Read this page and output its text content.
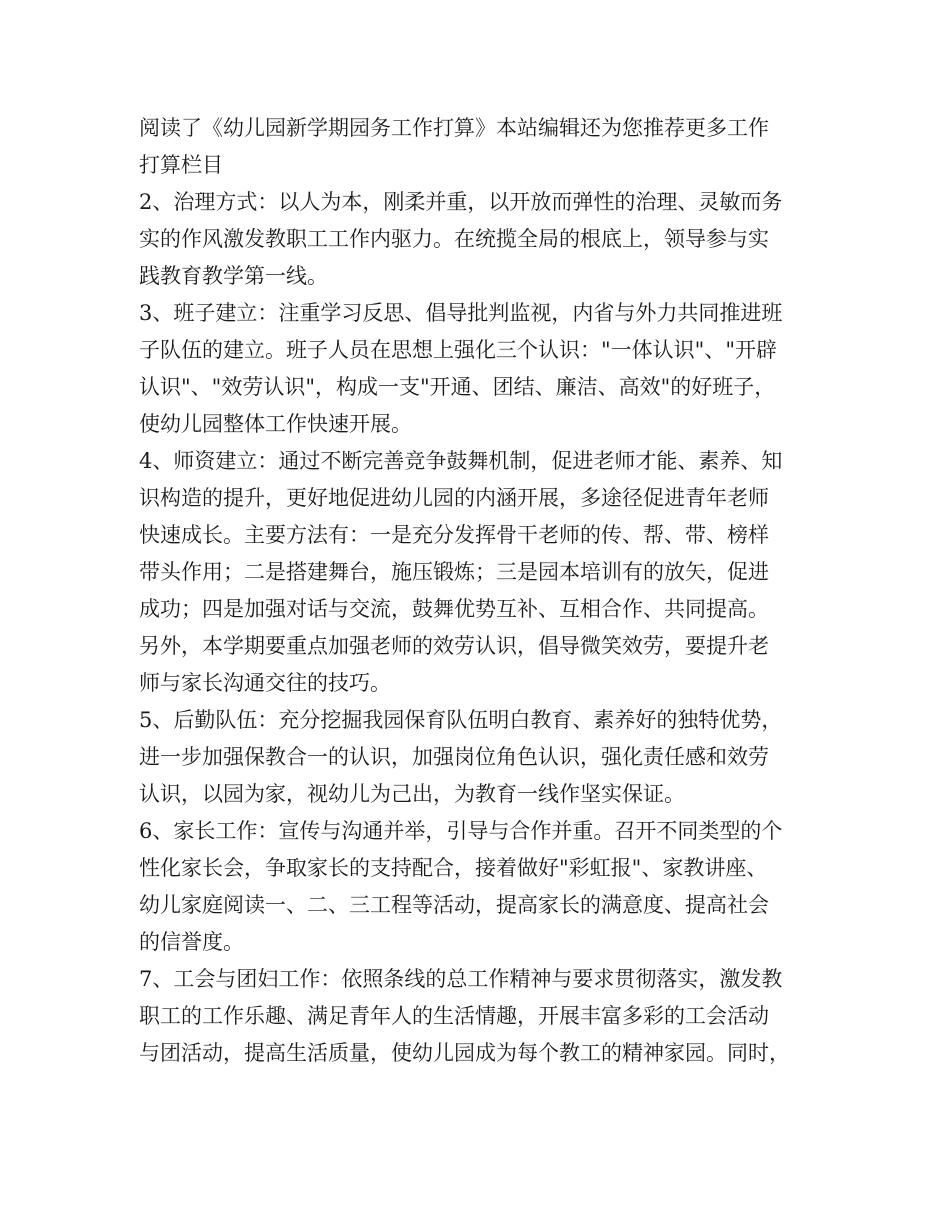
阅读了《幼儿园新学期园务工作打算》本站编辑还为您推荐更多工作
打算栏目
2、治理方式：以人为本，刚柔并重，以开放而弹性的治理、灵敏而务
实的作风激发教职工工作内驱力。在统揽全局的根底上，领导参与实
践教育教学第一线。
3、班子建立：注重学习反思、倡导批判监视，内省与外力共同推进班
子队伍的建立。班子人员在思想上强化三个认识："一体认识"、"开辟
认识"、"效劳认识"，构成一支"开通、团结、廉洁、高效"的好班子，
使幼儿园整体工作快速开展。
4、师资建立：通过不断完善竞争鼓舞机制，促进老师才能、素养、知
识构造的提升，更好地促进幼儿园的内涵开展，多途径促进青年老师
快速成长。主要方法有：一是充分发挥骨干老师的传、帮、带、榜样
带头作用；二是搭建舞台，施压锻炼；三是园本培训有的放矢，促进
成功；四是加强对话与交流，鼓舞优势互补、互相合作、共同提高。
另外，本学期要重点加强老师的效劳认识，倡导微笑效劳，要提升老
师与家长沟通交往的技巧。
5、后勤队伍：充分挖掘我园保育队伍明白教育、素养好的独特优势，
进一步加强保教合一的认识，加强岗位角色认识，强化责任感和效劳
认识，以园为家，视幼儿为己出，为教育一线作坚实保证。
6、家长工作：宣传与沟通并举，引导与合作并重。召开不同类型的个
性化家长会，争取家长的支持配合，接着做好"彩虹报"、家教讲座、
幼儿家庭阅读一、二、三工程等活动，提高家长的满意度、提高社会
的信誉度。
7、工会与团妇工作：依照条线的总工作精神与要求贯彻落实，激发教
职工的工作乐趣、满足青年人的生活情趣，开展丰富多彩的工会活动
与团活动，提高生活质量，使幼儿园成为每个教工的精神家园。同时，
